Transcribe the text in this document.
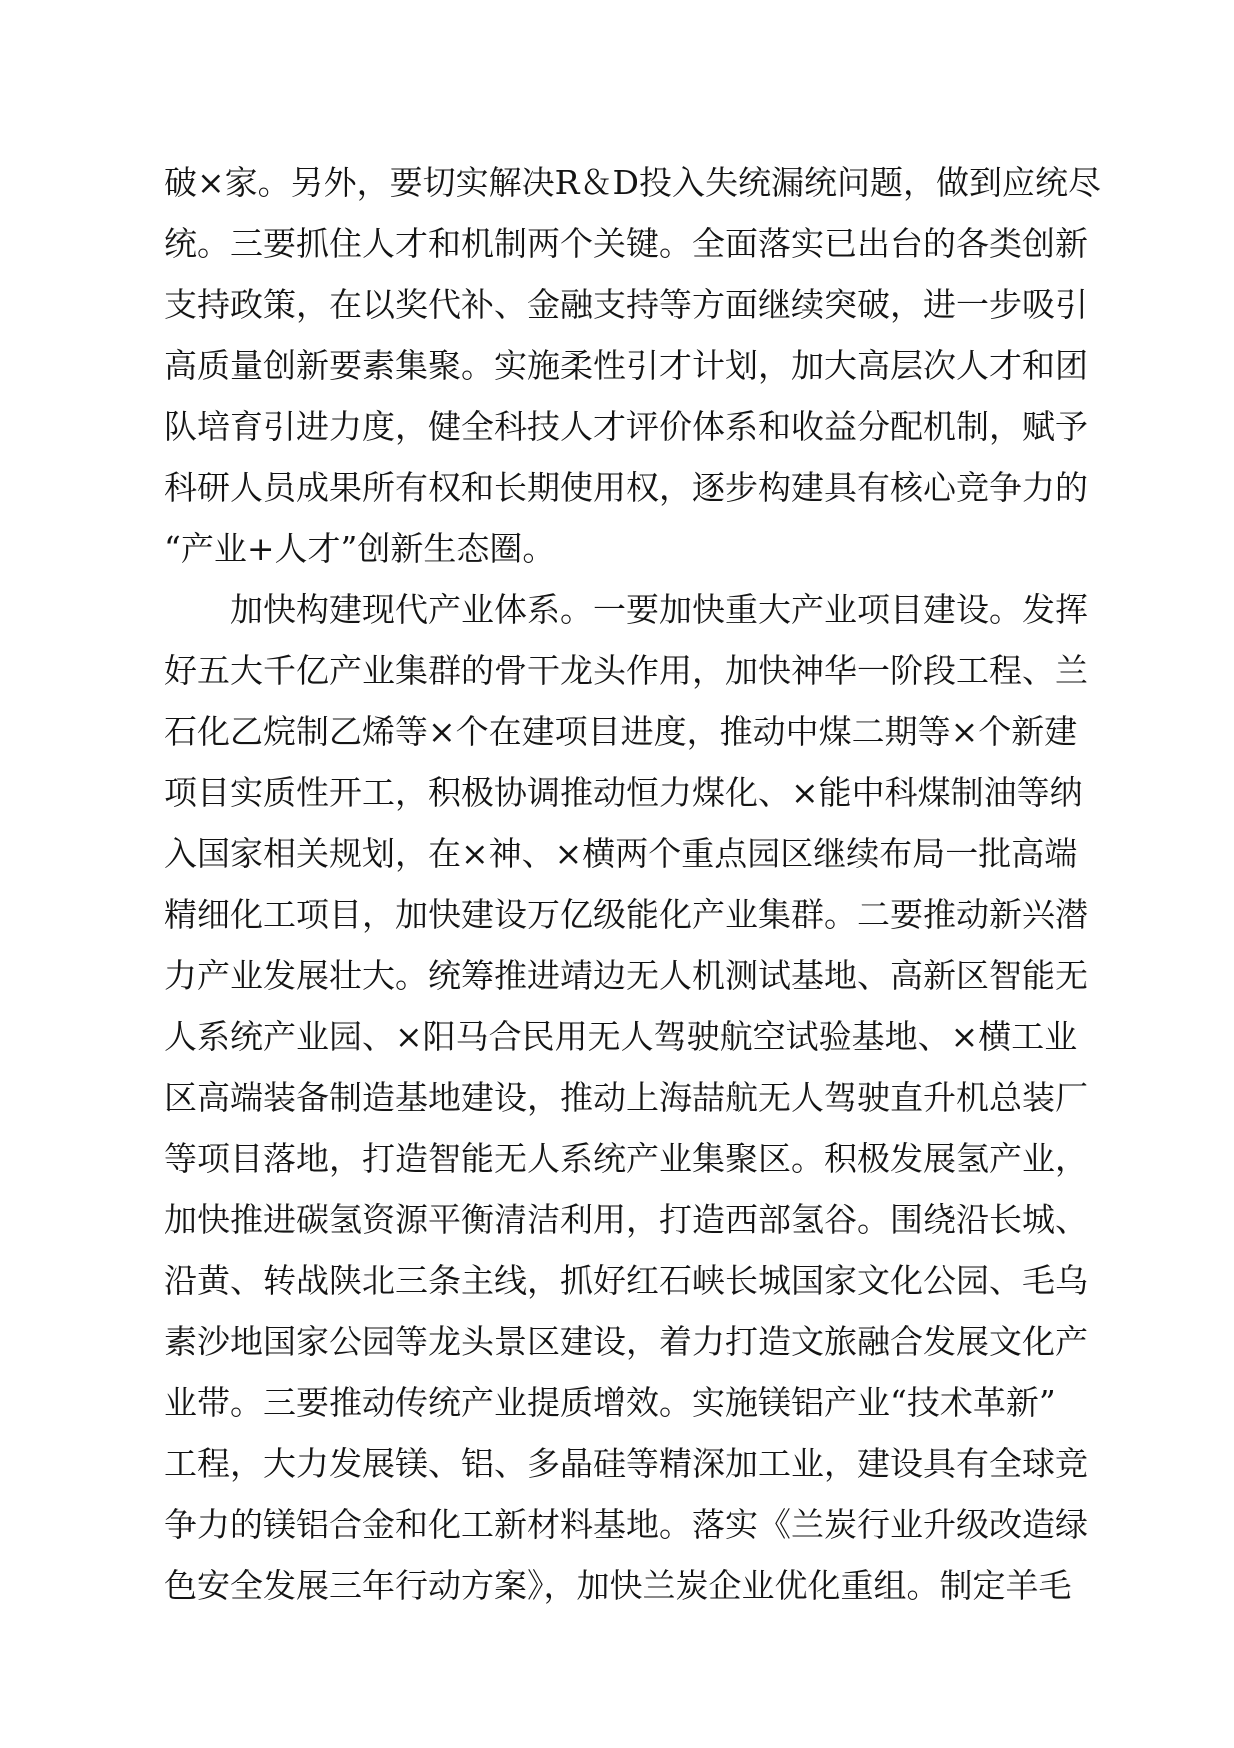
破×家。另外，要切实解决R＆D投入失统漏统问题，做到应统尽
统。三要抓住人才和机制两个关键。全面落实已出台的各类创新
支持政策，在以奖代补、金融支持等方面继续突破，进一步吸引
高质量创新要素集聚。实施柔性引才计划，加大高层次人才和团
队培育引进力度，健全科技人才评价体系和收益分配机制，赋予
科研人员成果所有权和长期使用权，逐步构建具有核心竞争力的
“产业+人才”创新生态圈。
加快构建现代产业体系。一要加快重大产业项目建设。发挥
好五大千亿产业集群的骨干龙头作用，加快神华一阶段工程、兰
石化乙烷制乙烯等×个在建项目进度，推动中煤二期等×个新建
项目实质性开工，积极协调推动恒力煤化、×能中科煤制油等纳
入国家相关规划，在×神、×横两个重点园区继续布局一批高端
精细化工项目，加快建设万亿级能化产业集群。二要推动新兴潜
力产业发展壮大。统筹推进靖边无人机测试基地、高新区智能无
人系统产业园、×阳马合民用无人驾驶航空试验基地、×横工业
区高端装备制造基地建设，推动上海喆航无人驾驶直升机总装厂
等项目落地，打造智能无人系统产业集聚区。积极发展氢产业，
加快推进碳氢资源平衡清洁利用，打造西部氢谷。围绕沿长城、
沿黄、转战陕北三条主线，抓好红石峡长城国家文化公园、毛乌
素沙地国家公园等龙头景区建设，着力打造文旅融合发展文化产
业带。三要推动传统产业提质增效。实施镁铝产业“技术革新”
工程，大力发展镁、铝、多晶硅等精深加工业，建设具有全球竞
争力的镁铝合金和化工新材料基地。落实《兰炭行业升级改造绿
色安全发展三年行动方案》，加快兰炭企业优化重组。制定羊毛
